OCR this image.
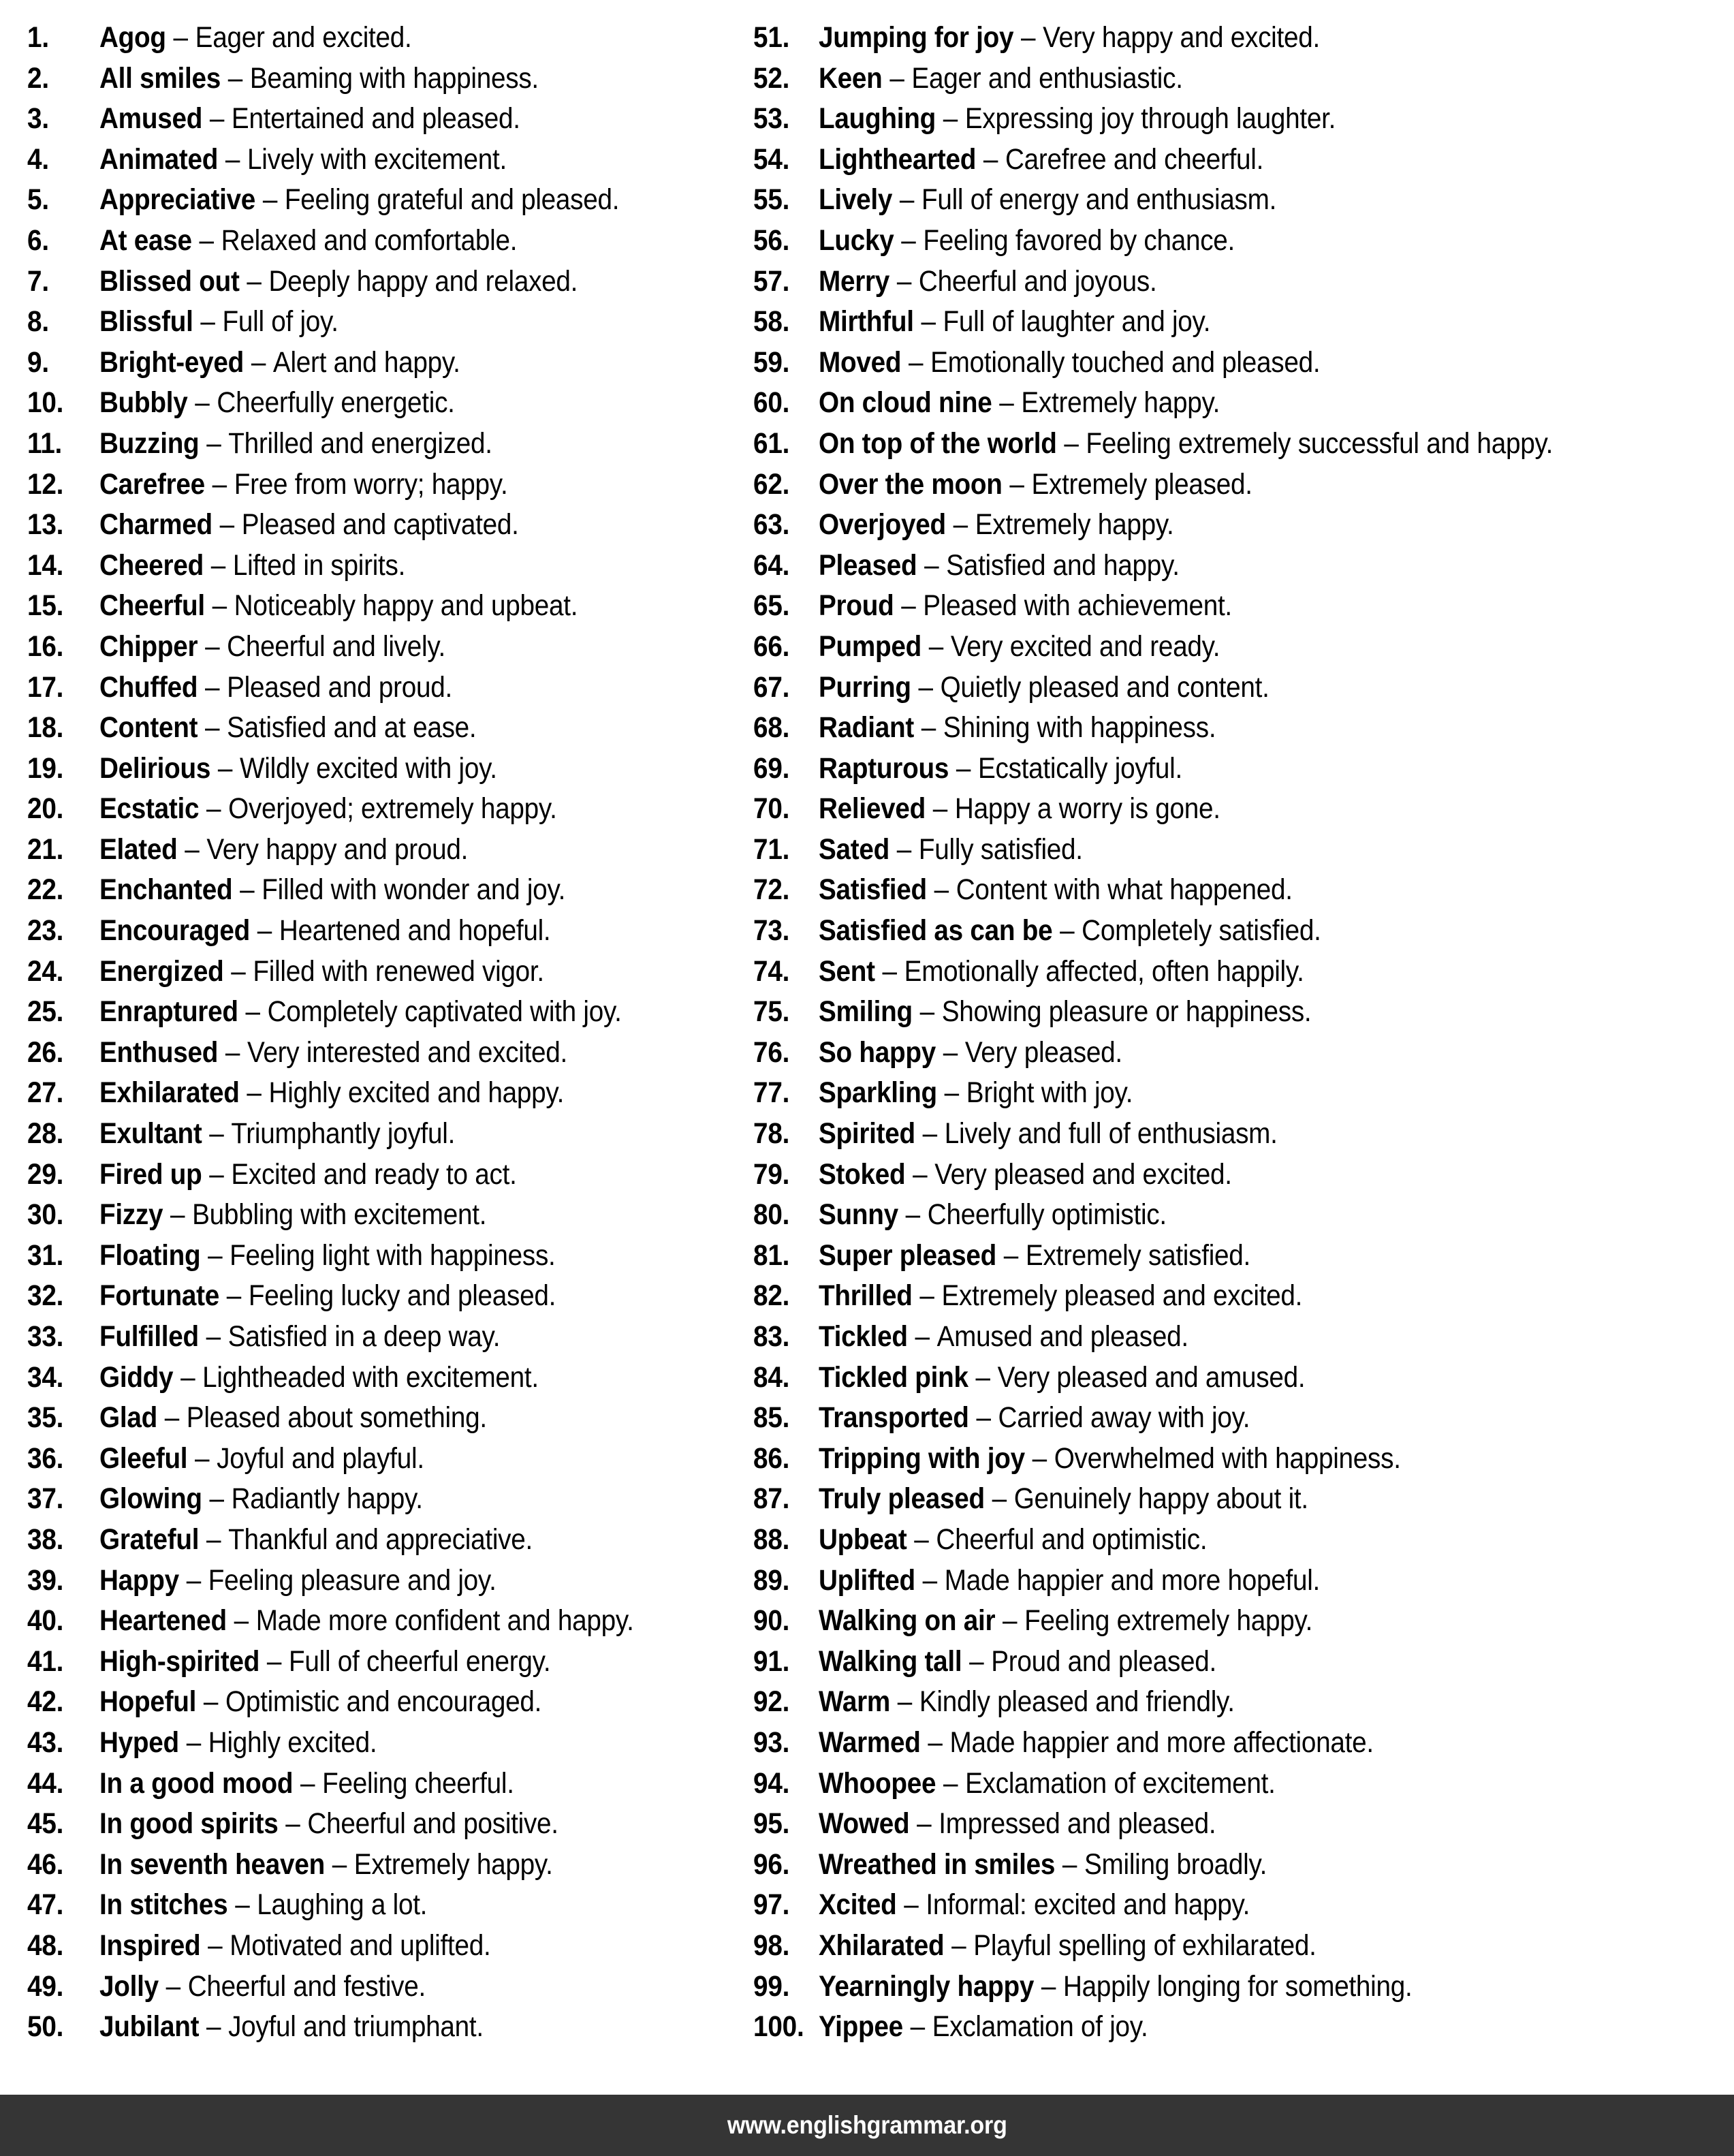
1.	Agog – Eager and excited.
2.	All smiles – Beaming with happiness.
3.	Amused – Entertained and pleased.
4.	Animated – Lively with excitement.
5.	Appreciative – Feeling grateful and pleased.
6.	At ease – Relaxed and comfortable.
7.	Blissed out – Deeply happy and relaxed.
8.	Blissful – Full of joy.
9.	Bright-eyed – Alert and happy.
10.	Bubbly – Cheerfully energetic.
11.	Buzzing – Thrilled and energized.
12.	Carefree – Free from worry; happy.
13.	Charmed – Pleased and captivated.
14.	Cheered – Lifted in spirits.
15.	Cheerful – Noticeably happy and upbeat.
16.	Chipper – Cheerful and lively.
17.	Chuffed – Pleased and proud.
18.	Content – Satisfied and at ease.
19.	Delirious – Wildly excited with joy.
20.	Ecstatic – Overjoyed; extremely happy.
21.	Elated – Very happy and proud.
22.	Enchanted – Filled with wonder and joy.
23.	Encouraged – Heartened and hopeful.
24.	Energized – Filled with renewed vigor.
25.	Enraptured – Completely captivated with joy.
26.	Enthused – Very interested and excited.
27.	Exhilarated – Highly excited and happy.
28.	Exultant – Triumphantly joyful.
29.	Fired up – Excited and ready to act.
30.	Fizzy – Bubbling with excitement.
31.	Floating – Feeling light with happiness.
32.	Fortunate – Feeling lucky and pleased.
33.	Fulfilled – Satisfied in a deep way.
34.	Giddy – Lightheaded with excitement.
35.	Glad – Pleased about something.
36.	Gleeful – Joyful and playful.
37.	Glowing – Radiantly happy.
38.	Grateful – Thankful and appreciative.
39.	Happy – Feeling pleasure and joy.
40.	Heartened – Made more confident and happy.
41.	High-spirited – Full of cheerful energy.
42.	Hopeful – Optimistic and encouraged.
43.	Hyped – Highly excited.
44.	In a good mood – Feeling cheerful.
45.	In good spirits – Cheerful and positive.
46.	In seventh heaven – Extremely happy.
47.	In stitches – Laughing a lot.
48.	Inspired – Motivated and uplifted.
49.	Jolly – Cheerful and festive.
50.	Jubilant – Joyful and triumphant.
51. Jumping for joy – Very happy and excited.
52. Keen – Eager and enthusiastic.
53. Laughing – Expressing joy through laughter.
54. Lighthearted – Carefree and cheerful.
55. Lively – Full of energy and enthusiasm.
56. Lucky – Feeling favored by chance.
57. Merry – Cheerful and joyous.
58. Mirthful – Full of laughter and joy.
59. Moved – Emotionally touched and pleased.
60. On cloud nine – Extremely happy.
61. On top of the world – Feeling extremely successful and happy.
62. Over the moon – Extremely pleased.
63. Overjoyed – Extremely happy.
64. Pleased – Satisfied and happy.
65. Proud – Pleased with achievement.
66. Pumped – Very excited and ready.
67. Purring – Quietly pleased and content.
68. Radiant – Shining with happiness.
69. Rapturous – Ecstatically joyful.
70. Relieved – Happy a worry is gone.
71. Sated – Fully satisfied.
72. Satisfied – Content with what happened.
73. Satisfied as can be – Completely satisfied.
74. Sent – Emotionally affected, often happily.
75. Smiling – Showing pleasure or happiness.
76. So happy – Very pleased.
77. Sparkling – Bright with joy.
78. Spirited – Lively and full of enthusiasm.
79. Stoked – Very pleased and excited.
80. Sunny – Cheerfully optimistic.
81. Super pleased – Extremely satisfied.
82. Thrilled – Extremely pleased and excited.
83. Tickled – Amused and pleased.
84. Tickled pink – Very pleased and amused.
85. Transported – Carried away with joy.
86. Tripping with joy – Overwhelmed with happiness.
87. Truly pleased – Genuinely happy about it.
88. Upbeat – Cheerful and optimistic.
89. Uplifted – Made happier and more hopeful.
90. Walking on air – Feeling extremely happy.
91. Walking tall – Proud and pleased.
92. Warm – Kindly pleased and friendly.
93. Warmed – Made happier and more affectionate.
94. Whoopee – Exclamation of excitement.
95. Wowed – Impressed and pleased.
96. Wreathed in smiles – Smiling broadly.
97. Xcited – Informal: excited and happy.
98. Xhilarated – Playful spelling of exhilarated.
99. Yearningly happy – Happily longing for something.
100. Yippee – Exclamation of joy.
www.englishgrammar.org
